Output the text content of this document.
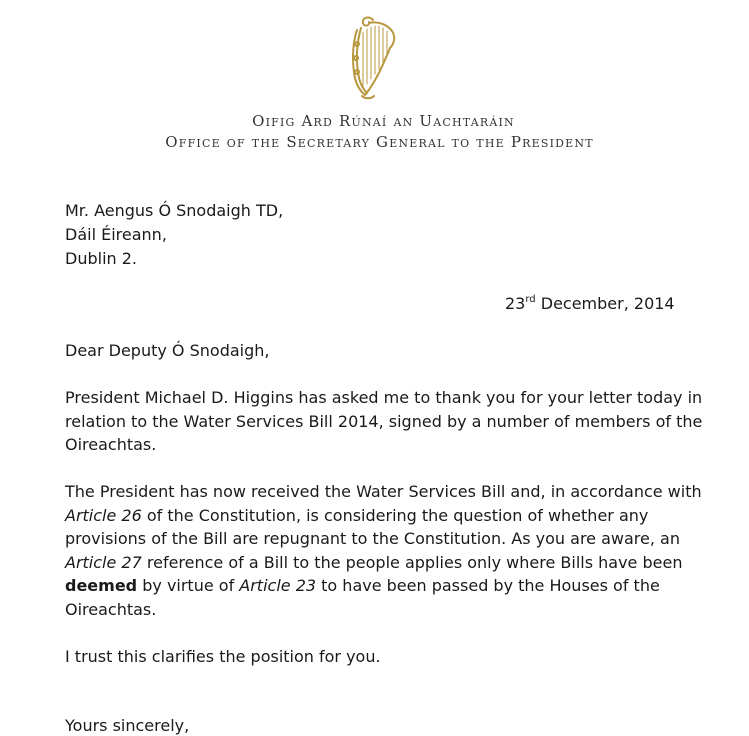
Oifig Ard Rúnaí an Uachtaráin
Office of the Secretary General to the President
Mr. Aengus Ó Snodaigh TD,
Dáil Éireann,
Dublin 2.
23rd December, 2014
Dear Deputy Ó Snodaigh,
President Michael D. Higgins has asked me to thank you for your letter today in
relation to the Water Services Bill 2014, signed by a number of members of the
Oireachtas.
The President has now received the Water Services Bill and, in accordance with
Article 26 of the Constitution, is considering the question of whether any
provisions of the Bill are repugnant to the Constitution. As you are aware, an
Article 27 reference of a Bill to the people applies only where Bills have been
deemed by virtue of Article 23 to have been passed by the Houses of the
Oireachtas.
I trust this clarifies the position for you.
Yours sincerely,
